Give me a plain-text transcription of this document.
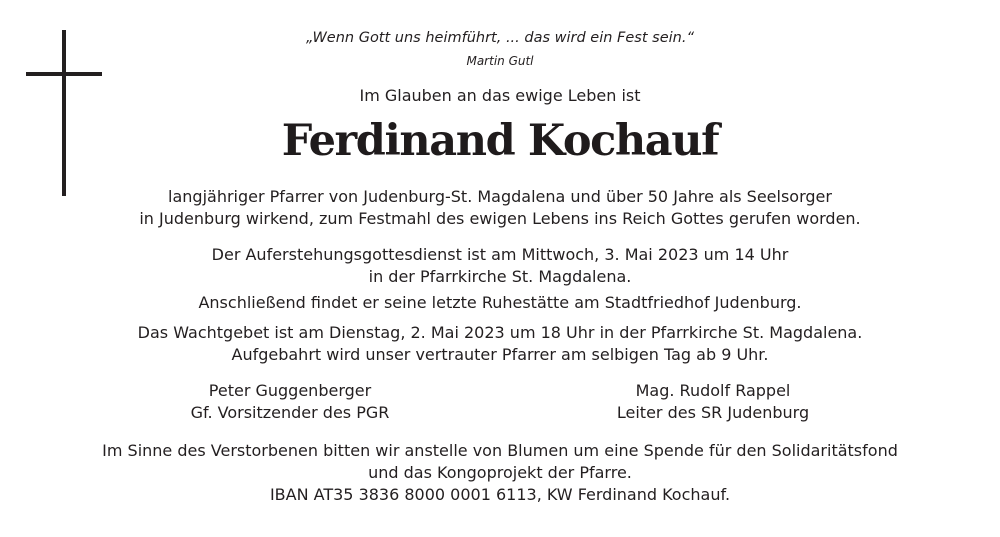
„Wenn Gott uns heimführt, ... das wird ein Fest sein.“
Martin Gutl
Im Glauben an das ewige Leben ist
Ferdinand Kochauf
langjähriger Pfarrer von Judenburg-St. Magdalena und über 50 Jahre als Seelsorger
in Judenburg wirkend, zum Festmahl des ewigen Lebens ins Reich Gottes gerufen worden.
Der Auferstehungsgottesdienst ist am Mittwoch, 3. Mai 2023 um 14 Uhr
in der Pfarrkirche St. Magdalena.
Anschließend findet er seine letzte Ruhestätte am Stadtfriedhof Judenburg.
Das Wachtgebet ist am Dienstag, 2. Mai 2023 um 18 Uhr in der Pfarrkirche St. Magdalena.
Aufgebahrt wird unser vertrauter Pfarrer am selbigen Tag ab 9 Uhr.
Peter Guggenberger
Gf. Vorsitzender des PGR
Mag. Rudolf Rappel
Leiter des SR Judenburg
Im Sinne des Verstorbenen bitten wir anstelle von Blumen um eine Spende für den Solidaritätsfond
und das Kongoprojekt der Pfarre.
IBAN AT35 3836 8000 0001 6113, KW Ferdinand Kochauf.
